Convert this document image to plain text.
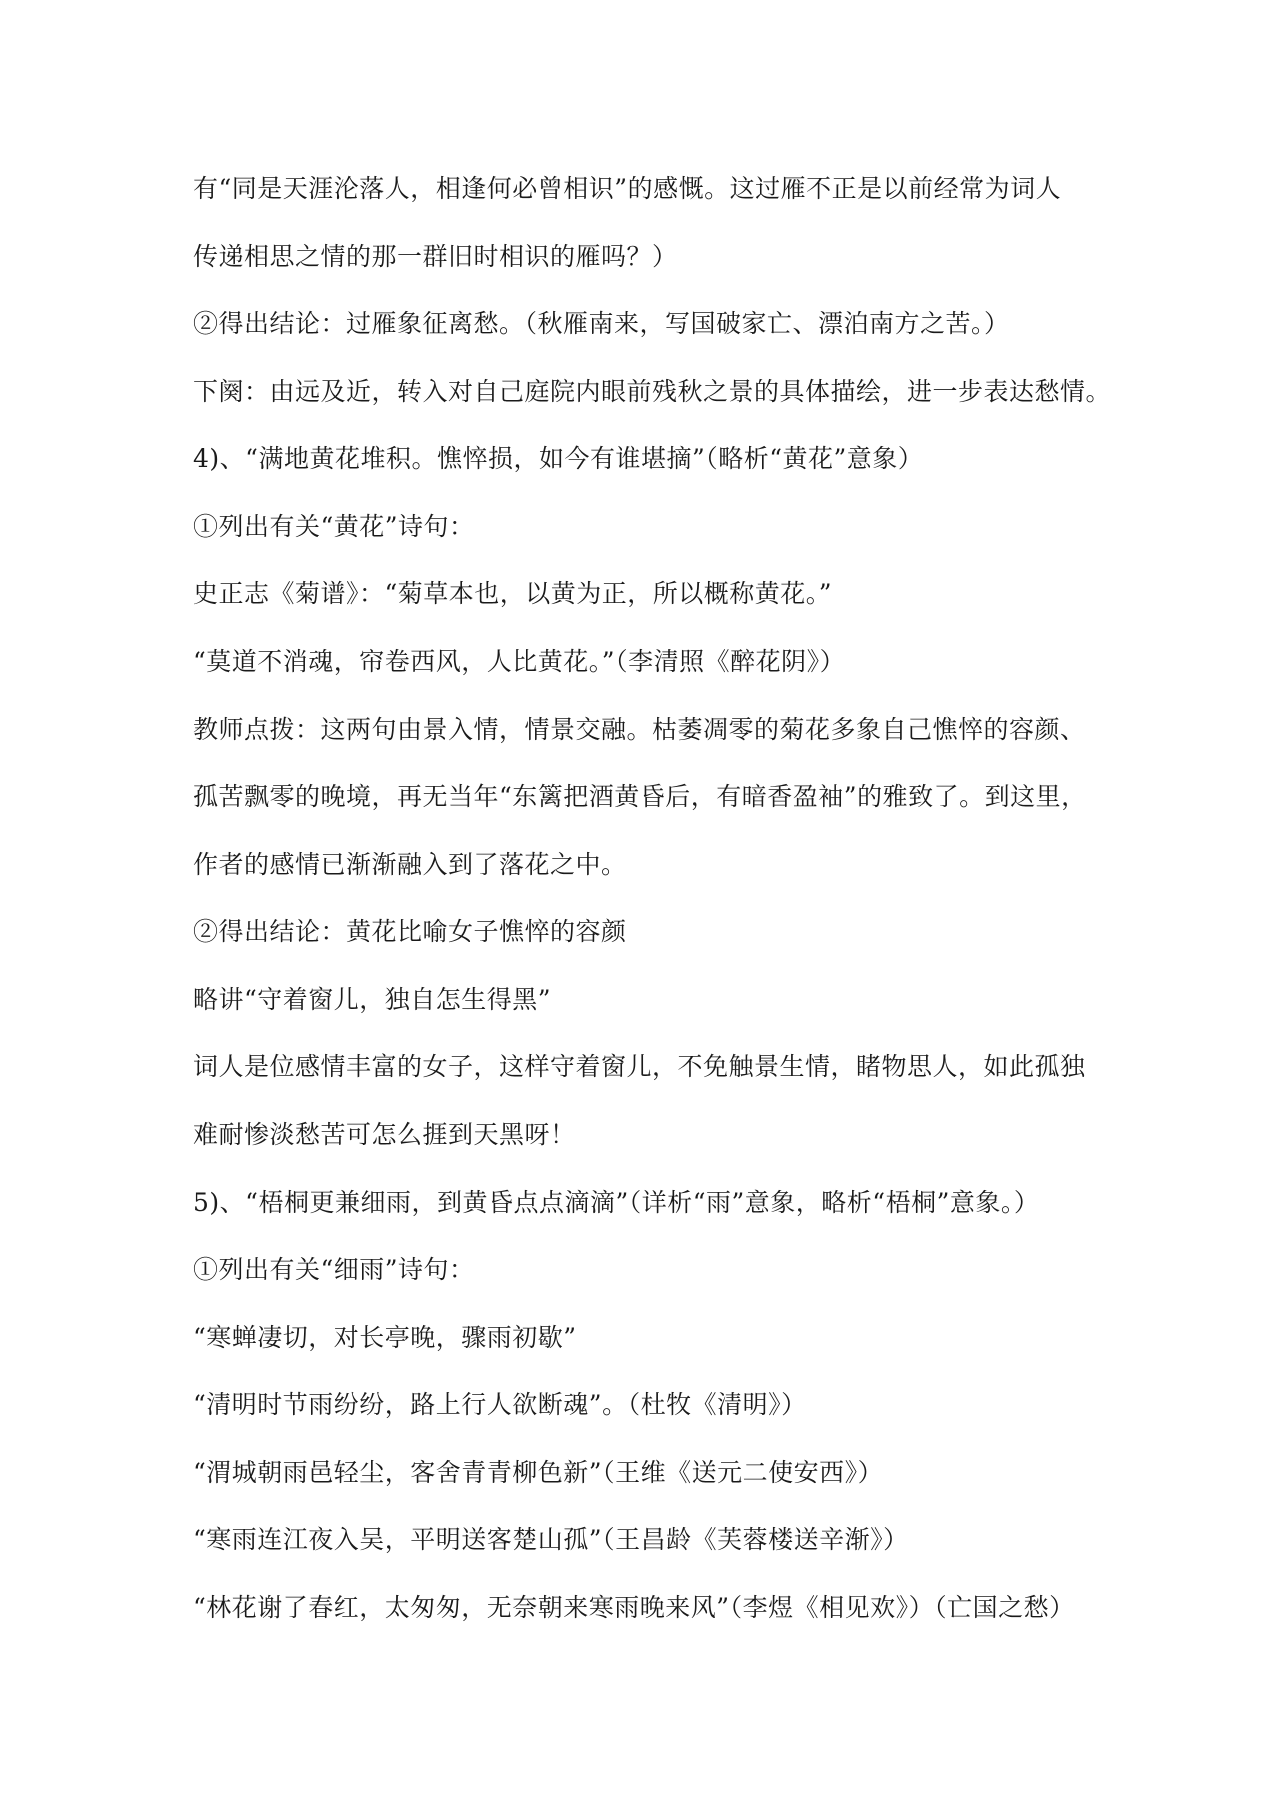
有“同是天涯沦落人，相逢何必曾相识”的感慨。这过雁不正是以前经常为词人
传递相思之情的那一群旧时相识的雁吗？）
②得出结论：过雁象征离愁。（秋雁南来，写国破家亡、漂泊南方之苦。）
下阕：由远及近，转入对自己庭院内眼前残秋之景的具体描绘，进一步表达愁情。
4)、“满地黄花堆积。憔悴损，如今有谁堪摘”（略析“黄花”意象）
①列出有关“黄花”诗句：
史正志《菊谱》：“菊草本也，以黄为正，所以概称黄花。”
“莫道不消魂，帘卷西风，人比黄花。”（李清照《醉花阴》）
教师点拨：这两句由景入情，情景交融。枯萎凋零的菊花多象自己憔悴的容颜、
孤苦飘零的晚境，再无当年“东篱把酒黄昏后，有暗香盈袖”的雅致了。到这里，
作者的感情已渐渐融入到了落花之中。
②得出结论：黄花比喻女子憔悴的容颜
略讲“守着窗儿，独自怎生得黑”
词人是位感情丰富的女子，这样守着窗儿，不免触景生情，睹物思人，如此孤独
难耐惨淡愁苦可怎么捱到天黑呀！
5)、“梧桐更兼细雨，到黄昏点点滴滴”（详析“雨”意象，略析“梧桐”意象。）
①列出有关“细雨”诗句：
“寒蝉凄切，对长亭晚，骤雨初歇”
“清明时节雨纷纷，路上行人欲断魂”。（杜牧《清明》）
“渭城朝雨邑轻尘，客舍青青柳色新”（王维《送元二使安西》）
“寒雨连江夜入吴，平明送客楚山孤”（王昌龄《芙蓉楼送辛渐》）
“林花谢了春红，太匆匆，无奈朝来寒雨晚来风”（李煜《相见欢》）（亡国之愁）
